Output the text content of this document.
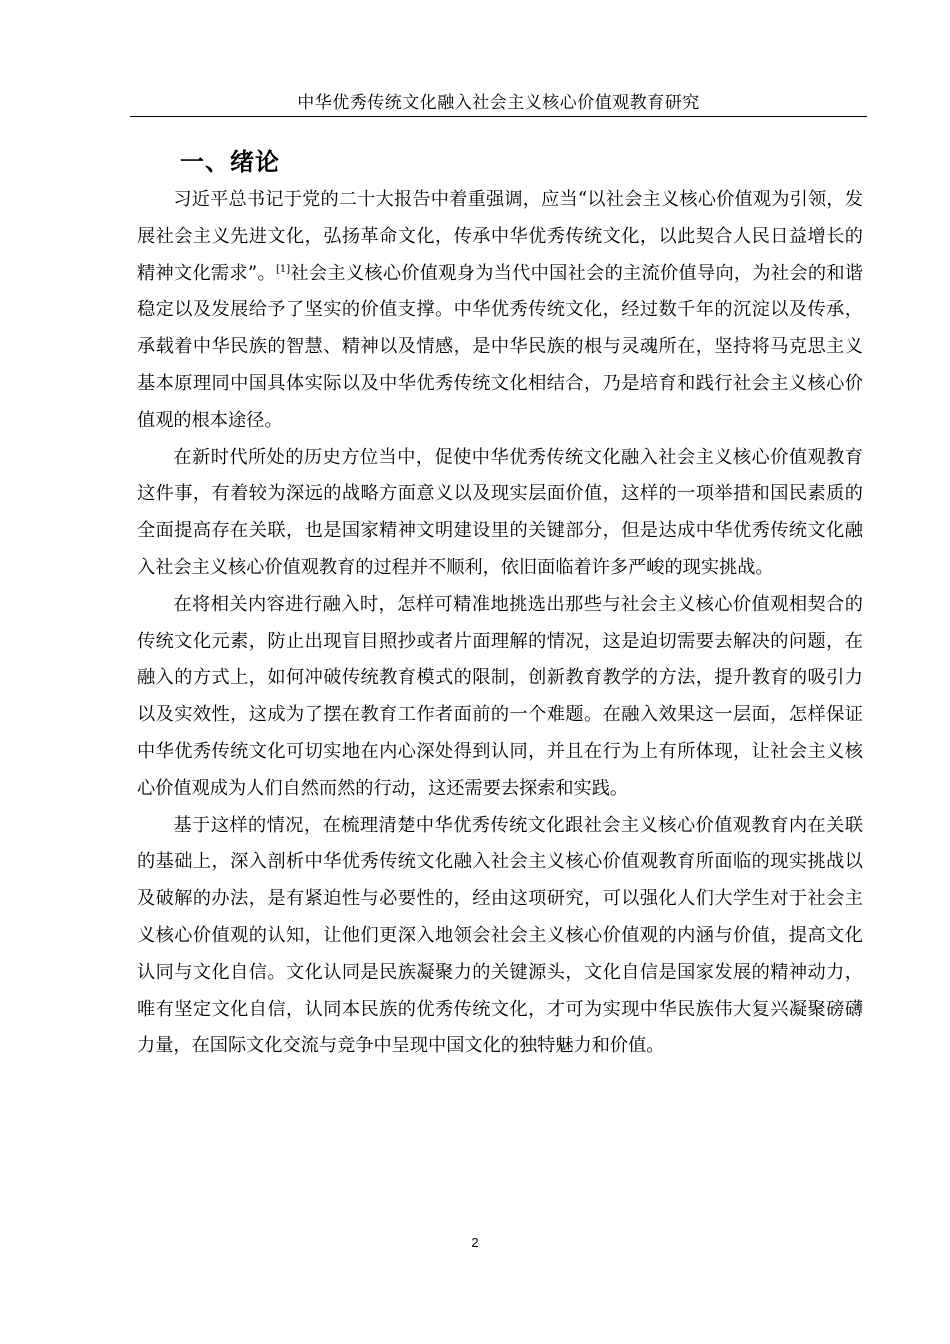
中华优秀传统文化融入社会主义核心价值观教育研究
一、绪论

习近平总书记于党的二十大报告中着重强调，应当“以社会主义核心价值观为引领，发展社会主义先进文化，弘扬革命文化，传承中华优秀传统文化，以此契合人民日益增长的精神文化需求”。[1]社会主义核心价值观身为当代中国社会的主流价值导向，为社会的和谐稳定以及发展给予了坚实的价值支撑。中华优秀传统文化，经过数千年的沉淀以及传承，承载着中华民族的智慧、精神以及情感，是中华民族的根与灵魂所在，坚持将马克思主义基本原理同中国具体实际以及中华优秀传统文化相结合，乃是培育和践行社会主义核心价值观的根本途径。

在新时代所处的历史方位当中，促使中华优秀传统文化融入社会主义核心价值观教育这件事，有着较为深远的战略方面意义以及现实层面价值，这样的一项举措和国民素质的全面提高存在关联，也是国家精神文明建设里的关键部分，但是达成中华优秀传统文化融入社会主义核心价值观教育的过程并不顺利，依旧面临着许多严峻的现实挑战。

在将相关内容进行融入时，怎样可精准地挑选出那些与社会主义核心价值观相契合的传统文化元素，防止出现盲目照抄或者片面理解的情况，这是迫切需要去解决的问题，在融入的方式上，如何冲破传统教育模式的限制，创新教育教学的方法，提升教育的吸引力以及实效性，这成为了摆在教育工作者面前的一个难题。在融入效果这一层面，怎样保证中华优秀传统文化可切实地在内心深处得到认同，并且在行为上有所体现，让社会主义核心价值观成为人们自然而然的行动，这还需要去探索和实践。

基于这样的情况，在梳理清楚中华优秀传统文化跟社会主义核心价值观教育内在关联的基础上，深入剖析中华优秀传统文化融入社会主义核心价值观教育所面临的现实挑战以及破解的办法，是有紧迫性与必要性的，经由这项研究，可以强化人们大学生对于社会主义核心价值观的认知，让他们更深入地领会社会主义核心价值观的内涵与价值，提高文化认同与文化自信。文化认同是民族凝聚力的关键源头，文化自信是国家发展的精神动力，唯有坚定文化自信，认同本民族的优秀传统文化，才可为实现中华民族伟大复兴凝聚磅礴力量，在国际文化交流与竞争中呈现中国文化的独特魅力和价值。

2
